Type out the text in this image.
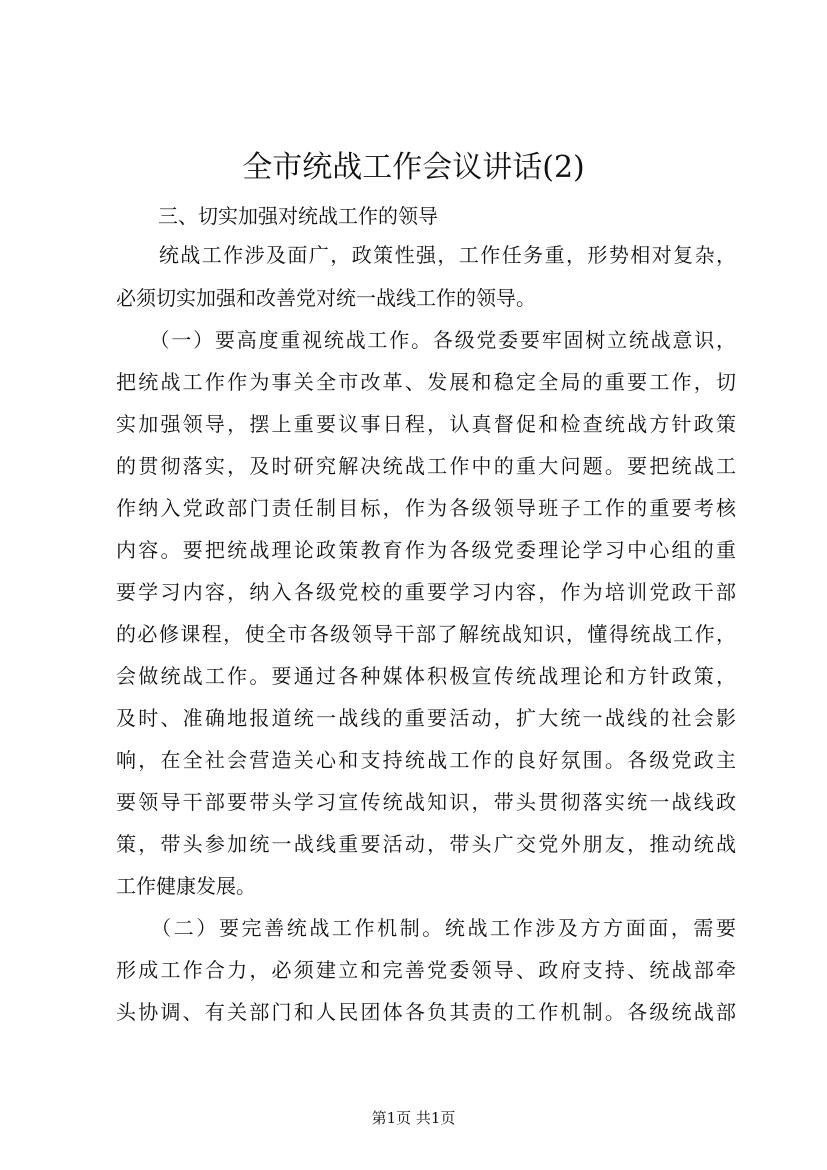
全市统战工作会议讲话(2)
三、切实加强对统战工作的领导
　　统战工作涉及面广，政策性强，工作任务重，形势相对复杂，
必须切实加强和改善党对统一战线工作的领导。
　　（一）要高度重视统战工作。各级党委要牢固树立统战意识，
把统战工作作为事关全市改革、发展和稳定全局的重要工作，切
实加强领导，摆上重要议事日程，认真督促和检查统战方针政策
的贯彻落实，及时研究解决统战工作中的重大问题。要把统战工
作纳入党政部门责任制目标，作为各级领导班子工作的重要考核
内容。要把统战理论政策教育作为各级党委理论学习中心组的重
要学习内容，纳入各级党校的重要学习内容，作为培训党政干部
的必修课程，使全市各级领导干部了解统战知识，懂得统战工作，
会做统战工作。要通过各种媒体积极宣传统战理论和方针政策，
及时、准确地报道统一战线的重要活动，扩大统一战线的社会影
响，在全社会营造关心和支持统战工作的良好氛围。各级党政主
要领导干部要带头学习宣传统战知识，带头贯彻落实统一战线政
策，带头参加统一战线重要活动，带头广交党外朋友，推动统战
工作健康发展。
　　（二）要完善统战工作机制。统战工作涉及方方面面，需要
形成工作合力，必须建立和完善党委领导、政府支持、统战部牵
头协调、有关部门和人民团体各负其责的工作机制。各级统战部
第1页 共1页
